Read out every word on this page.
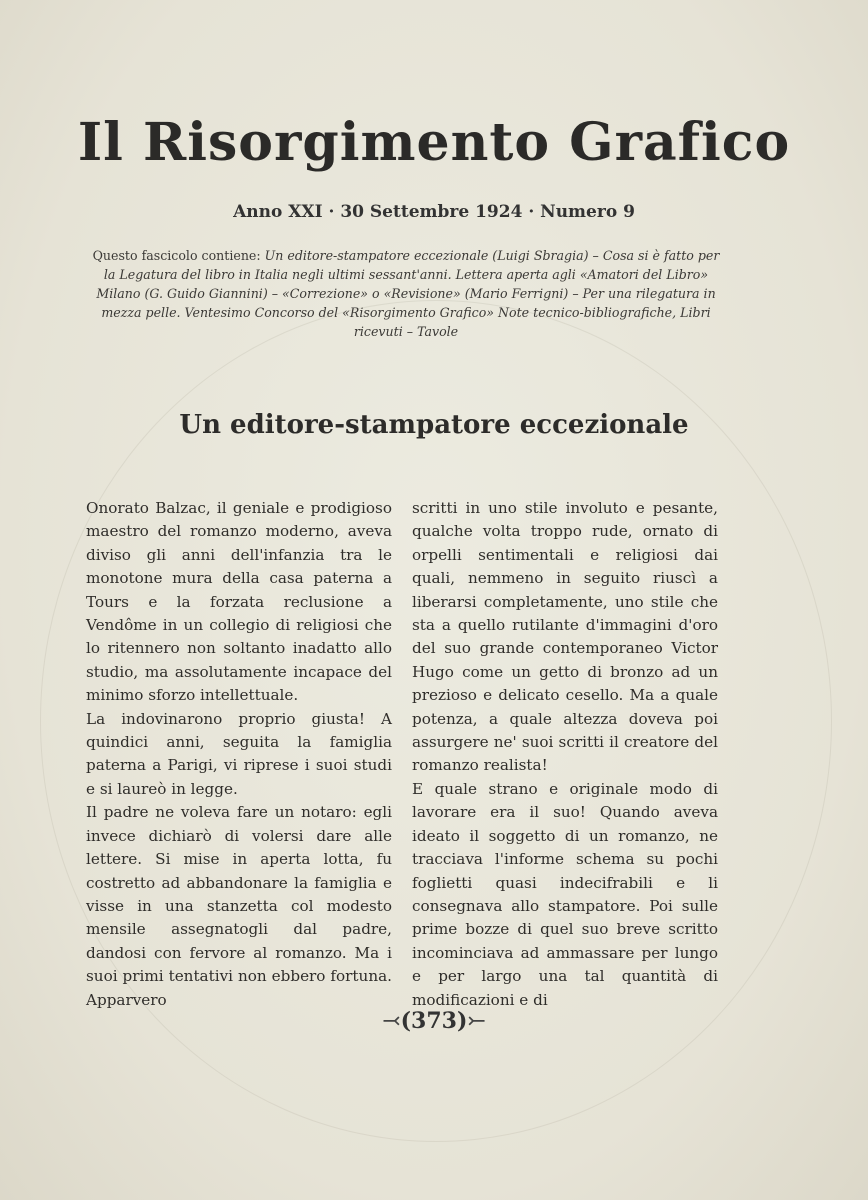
Il Risorgimento Grafico
Anno XXI · 30 Settembre 1924 · Numero 9
Questo fascicolo contiene: Un editore-stampatore eccezionale (Luigi Sbragia) – Cosa si è fatto per la Legatura del libro in Italia negli ultimi sessant'anni. Lettera aperta agli «Amatori del Libro» Milano (G. Guido Giannini) – «Correzione» o «Revisione» (Mario Ferrigni) – Per una rilegatura in mezza pelle. Ventesimo Concorso del «Risorgimento Grafico» Note tecnico-bibliografiche, Libri ricevuti – Tavole
Un editore-stampatore eccezionale

Onorato Balzac, il geniale e prodigioso maestro del romanzo moderno, aveva diviso gli anni dell'infanzia tra le monotone mura della casa paterna a Tours e la forzata reclusione a Vendôme in un collegio di religiosi che lo ritennero non soltanto inadatto allo studio, ma assolutamente incapace del minimo sforzo intellettuale.

La indovinarono proprio giusta! A quindici anni, seguita la famiglia paterna a Parigi, vi riprese i suoi studi e si laureò in legge.

Il padre ne voleva fare un notaro: egli invece dichiarò di volersi dare alle lettere. Si mise in aperta lotta, fu costretto ad abbandonare la famiglia e visse in una stanzetta col modesto mensile assegnatogli dal padre, dandosi con fervore al romanzo. Ma i suoi primi tentativi non ebbero fortuna. Apparvero

scritti in uno stile involuto e pesante, qualche volta troppo rude, ornato di orpelli sentimentali e religiosi dai quali, nemmeno in seguito riuscì a liberarsi completamente, uno stile che sta a quello rutilante d'immagini d'oro del suo grande contemporaneo Victor Hugo come un getto di bronzo ad un prezioso e delicato cesello. Ma a quale potenza, a quale altezza doveva poi assurgere ne' suoi scritti il creatore del romanzo realista!

E quale strano e originale modo di lavorare era il suo! Quando aveva ideato il soggetto di un romanzo, ne tracciava l'informe schema su pochi foglietti quasi indecifrabili e li consegnava allo stampatore. Poi sulle prime bozze di quel suo breve scritto incominciava ad ammassare per lungo e per largo una tal quantità di modificazioni e di

⤙(373)⤚
